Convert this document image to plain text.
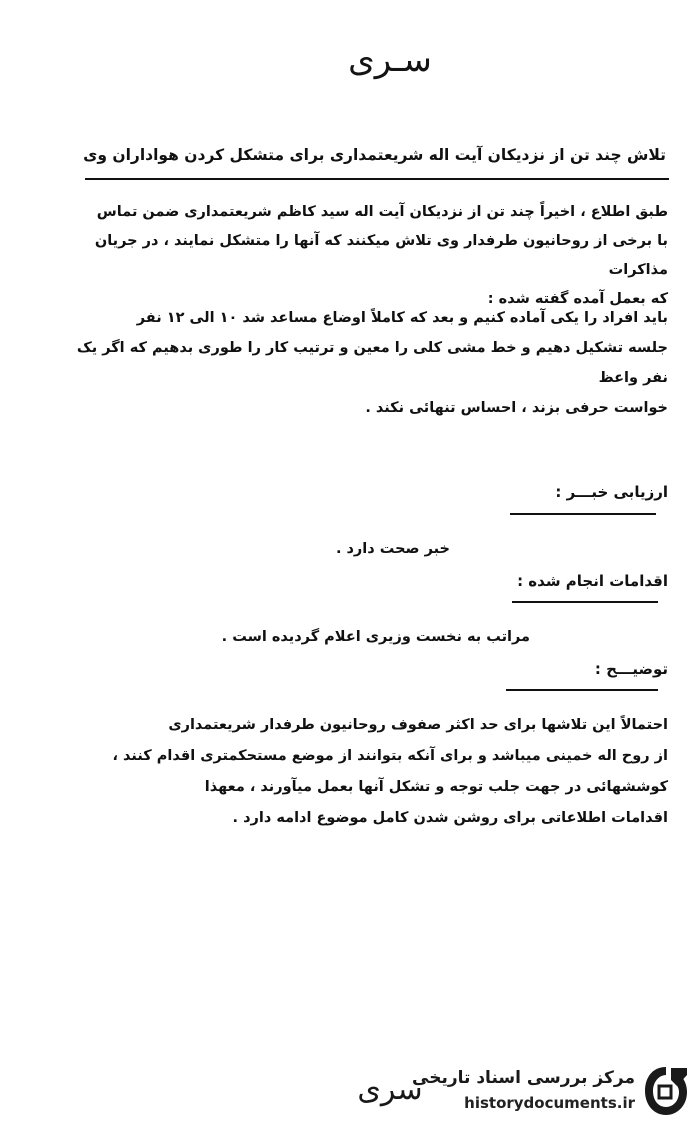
سـری
تلاش چند تن از نزدیکان آیت اله شریعتمداری برای متشکل کردن هواداران وی
طبق اطلاع ، اخیراً چند تن از نزدیکان آیت اله سید کاظم شریعتمداری ضمن تماس
با برخی از روحانیون طرفدار وی تلاش میکنند که آنها را متشکل نمایند ، در جریان مذاکرات
که بعمل آمده گفته شده :
باید افراد را یکی آماده کنیم و بعد که کاملاً اوضاع مساعد شد ۱۰ الی ۱۲ نفر
جلسه تشکیل دهیم و خط مشی کلی را معین و ترتیب کار را طوری بدهیم که اگر یک نفر واعظ
خواست حرفی بزند ، احساس تنهائی نکند .
ارزیابی خبـــر :
خبر صحت دارد .
اقدامات انجام شده :
مراتب به نخست وزیری اعلام گردیده است .
توضیـــح :
احتمالاً این تلاشها برای حد اکثر صفوف روحانیون طرفدار شریعتمداری
از روح اله خمینی میباشد و برای آنکه بتوانند از موضع مستحکمتری اقدام کنند ،
کوششهائی در جهت جلب توجه و تشکل آنها بعمل میآورند ، معهذا
اقدامات اطلاعاتی برای روشن شدن کامل موضوع ادامه دارد .
سری
مرکز بررسی اسناد تاریخی
historydocuments.ir
